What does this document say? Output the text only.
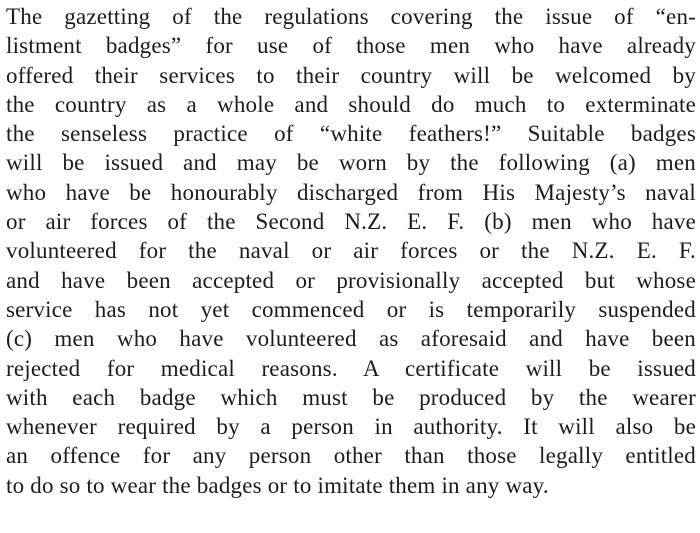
The gazetting of the regulations covering the issue of “en-
listment badges” for use of those men who have already
offered their services to their country will be welcomed by
the country as a whole and should do much to exterminate
the senseless practice of “white feathers!” Suitable badges
will be issued and may be worn by the following (a) men
who have be honourably discharged from His Majesty’s naval
or air forces of the Second N.Z. E. F. (b) men who have
volunteered for the naval or air forces or the N.Z. E. F.
and have been accepted or provisionally accepted but whose
service has not yet commenced or is temporarily suspended
(c) men who have volunteered as aforesaid and have been
rejected for medical reasons. A certificate will be issued
with each badge which must be produced by the wearer
whenever required by a person in authority. It will also be
an offence for any person other than those legally entitled
to do so to wear the badges or to imitate them in any way.
